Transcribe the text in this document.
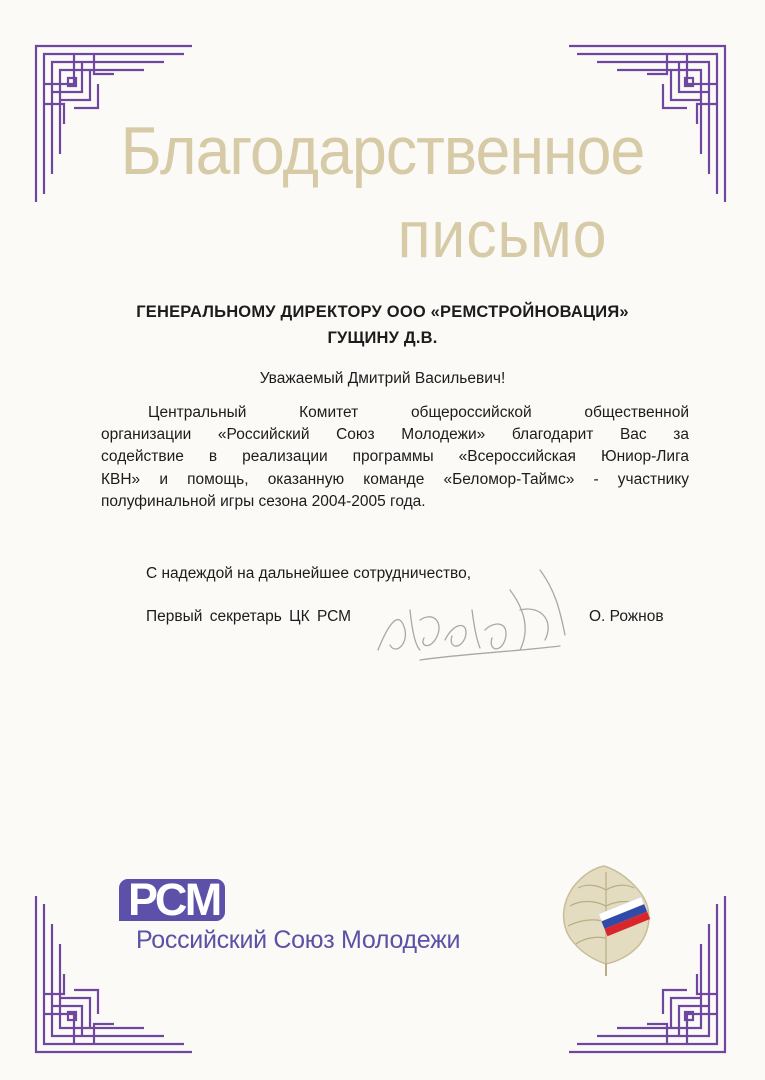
Благодарственное
письмо
ГЕНЕРАЛЬНОМУ ДИРЕКТОРУ ООО «РЕМСТРОЙНОВАЦИЯ»
ГУЩИНУ Д.В.
Уважаемый Дмитрий Васильевич!
Центральный Комитет общероссийской общественной
организации «Российский Союз Молодежи» благодарит Вас за
содействие в реализации программы «Всероссийская Юниор-Лига
КВН» и помощь, оказанную команде «Беломор-Таймс» - участнику
полуфинальной игры сезона 2004-2005 года.
С надеждой на дальнейшее сотрудничество,
Первый секретарь ЦК РСМ	О. Рожнов
РСМ
Российский Союз Молодежи
